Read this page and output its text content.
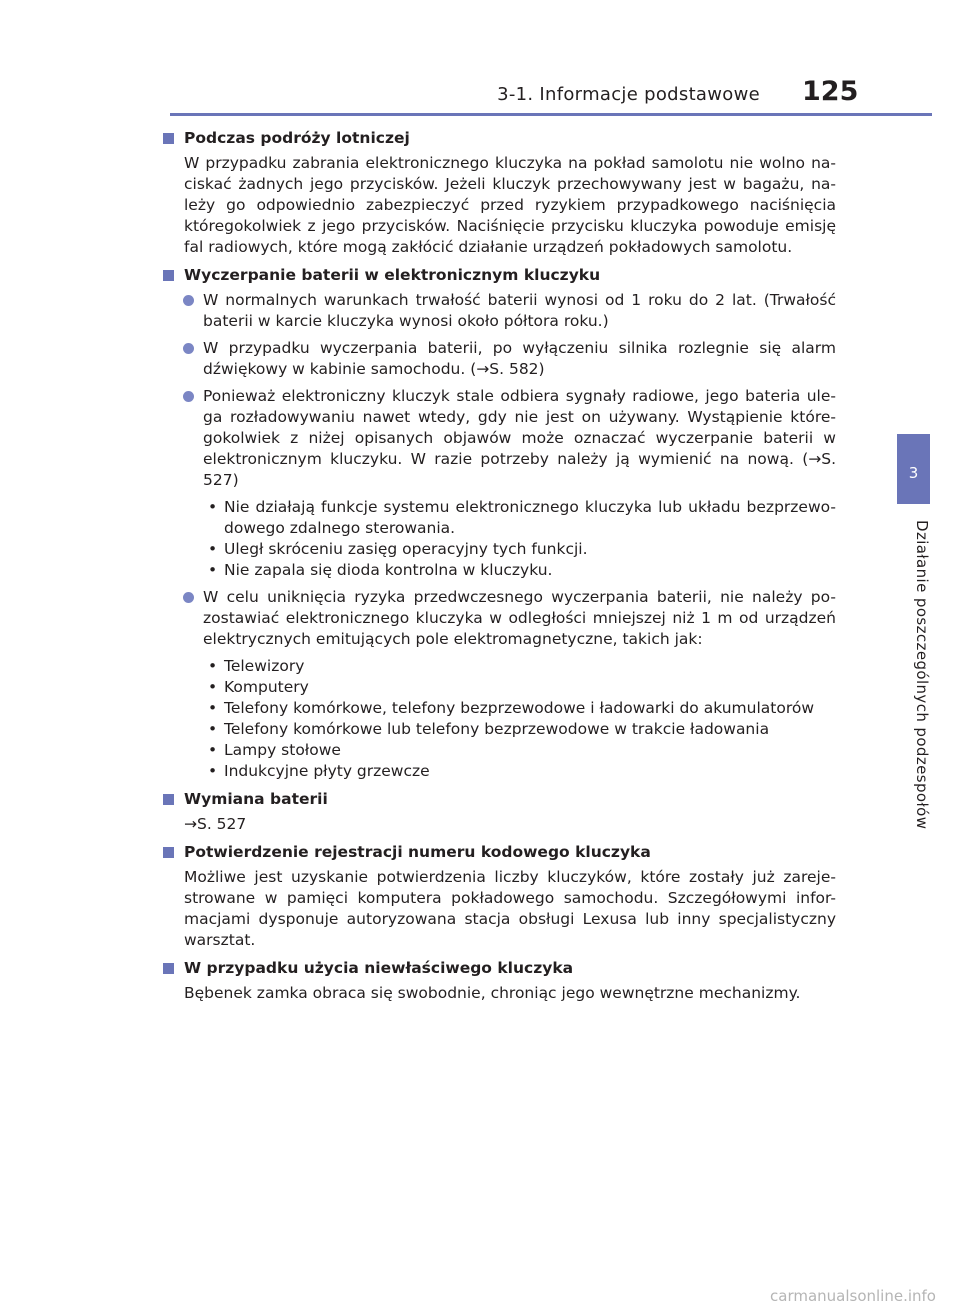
3-1. Informacje podstawowe 125
3
Działanie poszczególnych podzespołów
Podczas podróży lotniczej
W przypadku zabrania elektronicznego kluczyka na pokład samolotu nie wolno na-ciskać żadnych jego przycisków. Jeżeli kluczyk przechowywany jest w bagażu, na-leży go odpowiednio zabezpieczyć przed ryzykiem przypadkowego naciśnięcia któregokolwiek z jego przycisków. Naciśnięcie przycisku kluczyka powoduje emisję fal radiowych, które mogą zakłócić działanie urządzeń pokładowych samolotu.
Wyczerpanie baterii w elektronicznym kluczyku
W normalnych warunkach trwałość baterii wynosi od 1 roku do 2 lat. (Trwałość baterii w karcie kluczyka wynosi około półtora roku.)
W przypadku wyczerpania baterii, po wyłączeniu silnika rozlegnie się alarm dźwiękowy w kabinie samochodu. (→S. 582)
Ponieważ elektroniczny kluczyk stale odbiera sygnały radiowe, jego bateria ule-ga rozładowywaniu nawet wtedy, gdy nie jest on używany. Wystąpienie które-gokolwiek z niżej opisanych objawów może oznaczać wyczerpanie baterii w elektronicznym kluczyku. W razie potrzeby należy ją wymienić na nową. (→S. 527)
• Nie działają funkcje systemu elektronicznego kluczyka lub układu bezprzewo-dowego zdalnego sterowania.
• Uległ skróceniu zasięg operacyjny tych funkcji.
• Nie zapala się dioda kontrolna w kluczyku.
W celu uniknięcia ryzyka przedwczesnego wyczerpania baterii, nie należy po-zostawiać elektronicznego kluczyka w odległości mniejszej niż 1 m od urządzeń elektrycznych emitujących pole elektromagnetyczne, takich jak:
• Telewizory
• Komputery
• Telefony komórkowe, telefony bezprzewodowe i ładowarki do akumulatorów
• Telefony komórkowe lub telefony bezprzewodowe w trakcie ładowania
• Lampy stołowe
• Indukcyjne płyty grzewcze
Wymiana baterii
→S. 527
Potwierdzenie rejestracji numeru kodowego kluczyka
Możliwe jest uzyskanie potwierdzenia liczby kluczyków, które zostały już zareje-strowane w pamięci komputera pokładowego samochodu. Szczegółowymi infor-macjami dysponuje autoryzowana stacja obsługi Lexusa lub inny specjalistyczny warsztat.
W przypadku użycia niewłaściwego kluczyka
Bębenek zamka obraca się swobodnie, chroniąc jego wewnętrzne mechanizmy.
carmanualsonline.info
